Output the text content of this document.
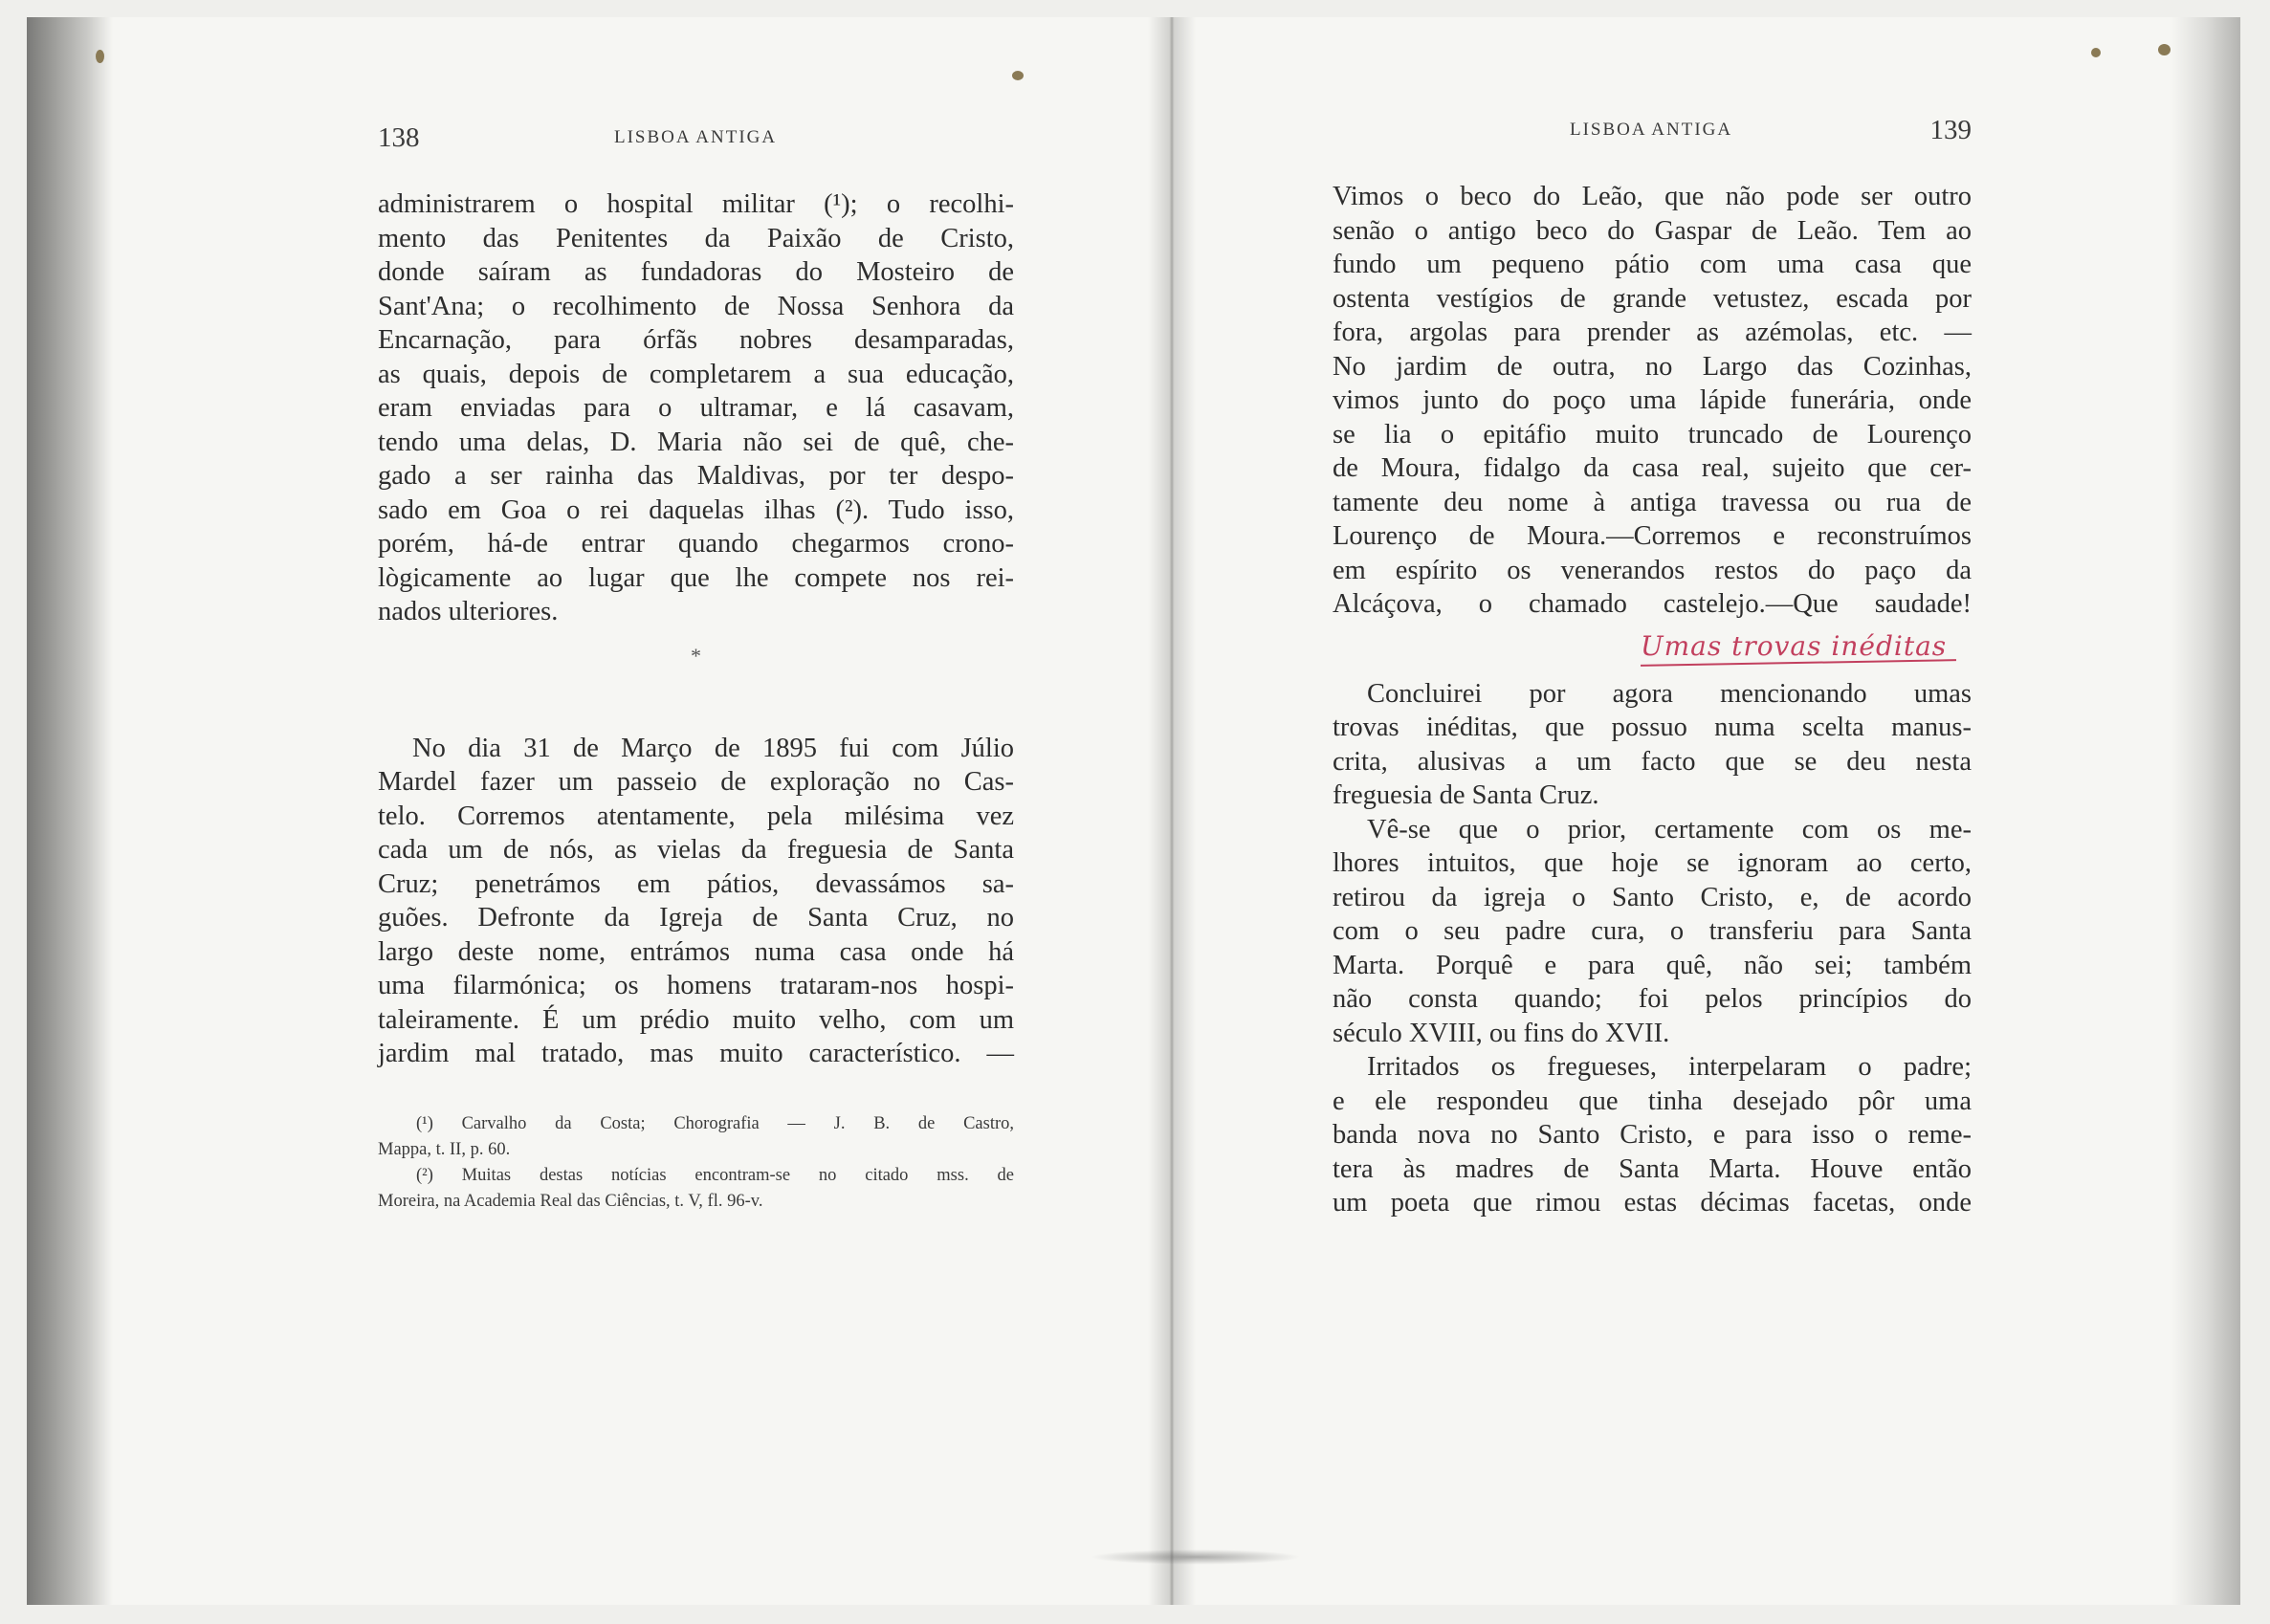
138	LISBOA ANTIGA
administrarem o hospital militar (¹); o recolhi-
mento das Penitentes da Paixão de Cristo,
donde saíram as fundadoras do Mosteiro de
Sant'Ana; o recolhimento de Nossa Senhora da
Encarnação, para órfãs nobres desamparadas,
as quais, depois de completarem a sua educação,
eram enviadas para o ultramar, e lá casavam,
tendo uma delas, D. Maria não sei de quê, che-
gado a ser rainha das Maldivas, por ter despo-
sado em Goa o rei daquelas ilhas (²). Tudo isso,
porém, há-de entrar quando chegarmos crono-
lògicamente ao lugar que lhe compete nos rei-
nados ulteriores.
*
No dia 31 de Março de 1895 fui com Júlio
Mardel fazer um passeio de exploração no Cas-
telo. Corremos atentamente, pela milésima vez
cada um de nós, as vielas da freguesia de Santa
Cruz; penetrámos em pátios, devassámos sa-
guões. Defronte da Igreja de Santa Cruz, no
largo deste nome, entrámos numa casa onde há
uma filarmónica; os homens trataram-nos hospi-
taleiramente. É um prédio muito velho, com um
jardim mal tratado, mas muito característico. —
(¹) Carvalho da Costa; Chorografia — J. B. de Castro,
Mappa, t. II, p. 60.
(²) Muitas destas notícias encontram-se no citado mss. de
Moreira, na Academia Real das Ciências, t. V, fl. 96-v.
LISBOA ANTIGA	139
Vimos o beco do Leão, que não pode ser outro
senão o antigo beco do Gaspar de Leão. Tem ao
fundo um pequeno pátio com uma casa que
ostenta vestígios de grande vetustez, escada por
fora, argolas para prender as azémolas, etc. —
No jardim de outra, no Largo das Cozinhas,
vimos junto do poço uma lápide funerária, onde
se lia o epitáfio muito truncado de Lourenço
de Moura, fidalgo da casa real, sujeito que cer-
tamente deu nome à antiga travessa ou rua de
Lourenço de Moura.—Corremos e reconstruímos
em espírito os venerandos restos do paço da
Alcáçova, o chamado castelejo.—Que saudade!
Umas trovas inéditas
Concluirei por agora mencionando umas
trovas inéditas, que possuo numa scelta manus-
crita, alusivas a um facto que se deu nesta
freguesia de Santa Cruz.
Vê-se que o prior, certamente com os me-
lhores intuitos, que hoje se ignoram ao certo,
retirou da igreja o Santo Cristo, e, de acordo
com o seu padre cura, o transferiu para Santa
Marta. Porquê e para quê, não sei; também
não consta quando; foi pelos princípios do
século XVIII, ou fins do XVII.
Irritados os fregueses, interpelaram o padre;
e ele respondeu que tinha desejado pôr uma
banda nova no Santo Cristo, e para isso o reme-
tera às madres de Santa Marta. Houve então
um poeta que rimou estas décimas facetas, onde
